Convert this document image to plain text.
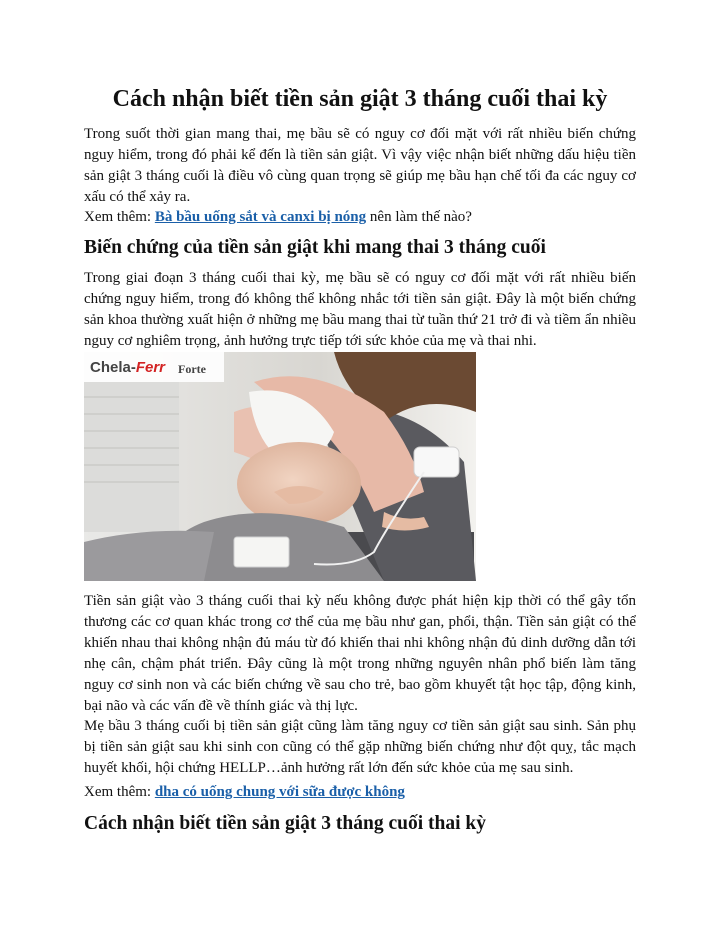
Cách nhận biết tiền sản giật 3 tháng cuối thai kỳ

Trong suốt thời gian mang thai, mẹ bầu sẽ có nguy cơ đối mặt với rất nhiều biến chứng nguy hiểm, trong đó phải kể đến là tiền sản giật. Vì vậy việc nhận biết những dấu hiệu tiền sản giật 3 tháng cuối là điều vô cùng quan trọng sẽ giúp mẹ bầu hạn chế tối đa các nguy cơ xấu có thể xảy ra.

Xem thêm: Bà bầu uống sắt và canxi bị nóng nên làm thế nào?

Biến chứng của tiền sản giật khi mang thai 3 tháng cuối

Trong giai đoạn 3 tháng cuối thai kỳ, mẹ bầu sẽ có nguy cơ đối mặt với rất nhiều biến chứng nguy hiểm, trong đó không thể không nhắc tới tiền sản giật. Đây là một biến chứng sản khoa thường xuất hiện ở những mẹ bầu mang thai từ tuần thứ 21 trở đi và tiềm ẩn nhiều nguy cơ nghiêm trọng, ảnh hưởng trực tiếp tới sức khỏe của mẹ và thai nhi.

Chela-Ferr Forte

Tiền sản giật vào 3 tháng cuối thai kỳ nếu không được phát hiện kịp thời có thể gây tổn thương các cơ quan khác trong cơ thể của mẹ bầu như gan, phổi, thận. Tiền sản giật có thể khiến nhau thai không nhận đủ máu từ đó khiến thai nhi không nhận đủ dinh dưỡng dẫn tới nhẹ cân, chậm phát triển. Đây cũng là một trong những nguyên nhân phổ biến làm tăng nguy cơ sinh non và các biến chứng về sau cho trẻ, bao gồm khuyết tật học tập, động kinh, bại não và các vấn đề về thính giác và thị lực.

Mẹ bầu 3 tháng cuối bị tiền sản giật cũng làm tăng nguy cơ tiền sản giật sau sinh. Sản phụ bị tiền sản giật sau khi sinh con cũng có thể gặp những biến chứng như đột quỵ, tắc mạch huyết khối, hội chứng HELLP…ảnh hưởng rất lớn đến sức khỏe của mẹ sau sinh.

Xem thêm: dha có uống chung với sữa được không

Cách nhận biết tiền sản giật 3 tháng cuối thai kỳ
